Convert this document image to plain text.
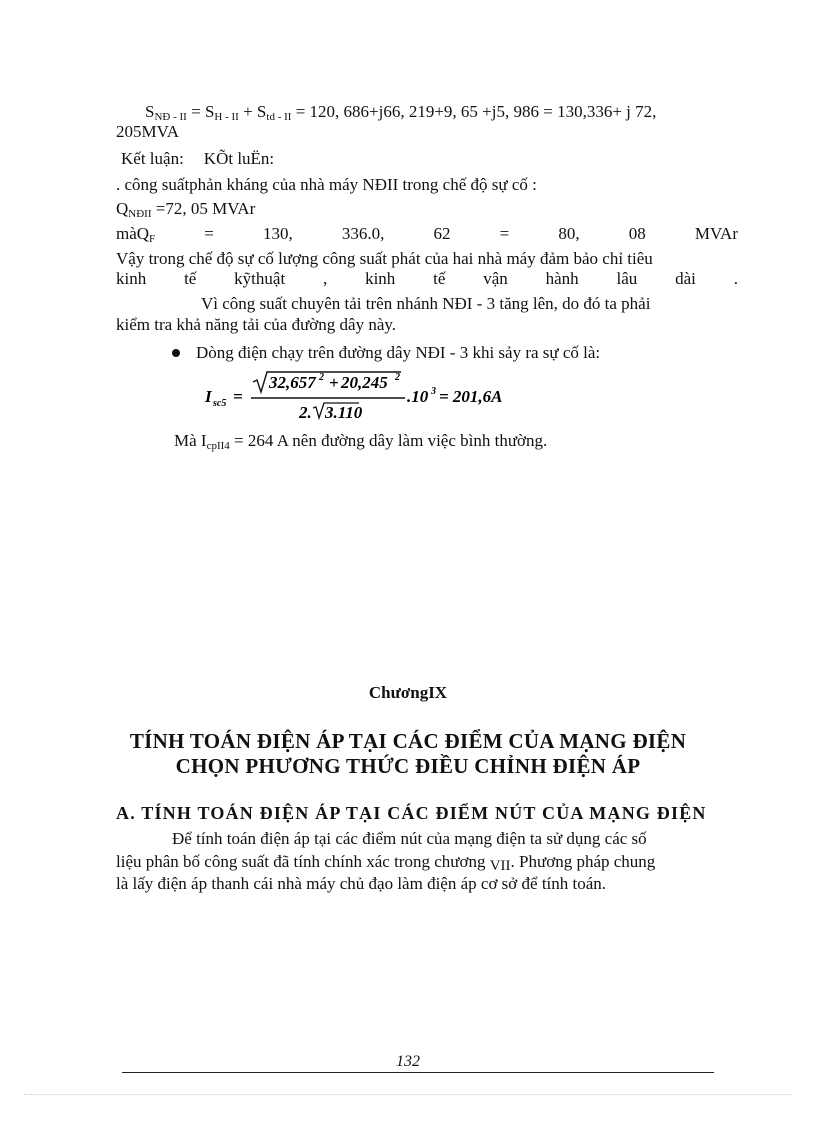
$S_{NĐ - II} = S_{H - II} + S_{td - II} = 120$, 686+j66, 219+9, 65 +j5, 986 = 130,336+ j 72,
205MVA
Kết luận: KÕt luËn:
. công suấtphản kháng của nhà máy NĐII trong chế độ sự cố :
$Q_{NĐII} =72$, 05 MVAr
màQ$_F$	=	130,	336.0,	62	=	80,	08	MVAr
Vậy trong chế độ sự cố lượng công suất phát của hai nhà máy đảm bảo chỉ tiêu
kinh tế kỹthuật , kinh tế vận hành lâu dài .
Vì công suất chuyên tải trên nhánh NĐI - 3 tăng lên, do đó ta phải
kiểm tra khả năng tải của đường dây này.
Dòng điện chạy trên đường dây NĐI - 3 khi sảy ra sự cố là:
I sc5 =
32,657 2 + 20,245 2
2. 3.110
.10 3 = 201,6A
Mà $I_{cpII4} = 264$ A nên đường dây làm việc bình thường.
ChươngIX
TÍNH TOÁN ĐIỆN ÁP TẠI CÁC ĐIỂM CỦA MẠNG ĐIỆN
CHỌN PHƯƠNG THỨC ĐIỀU CHỈNH ĐIỆN ÁP
A. TÍNH TOÁN ĐIỆN ÁP TẠI CÁC ĐIỂM NÚT CỦA MẠNG ĐIỆN
Để tính toán điện áp tại các điểm nút của mạng điện ta sử dụng các số
liệu phân bố công suất đã tính chính xác trong chương VII. Phương pháp chung
là lấy điện áp thanh cái nhà máy chủ đạo làm điện áp cơ sở để tính toán.
132
